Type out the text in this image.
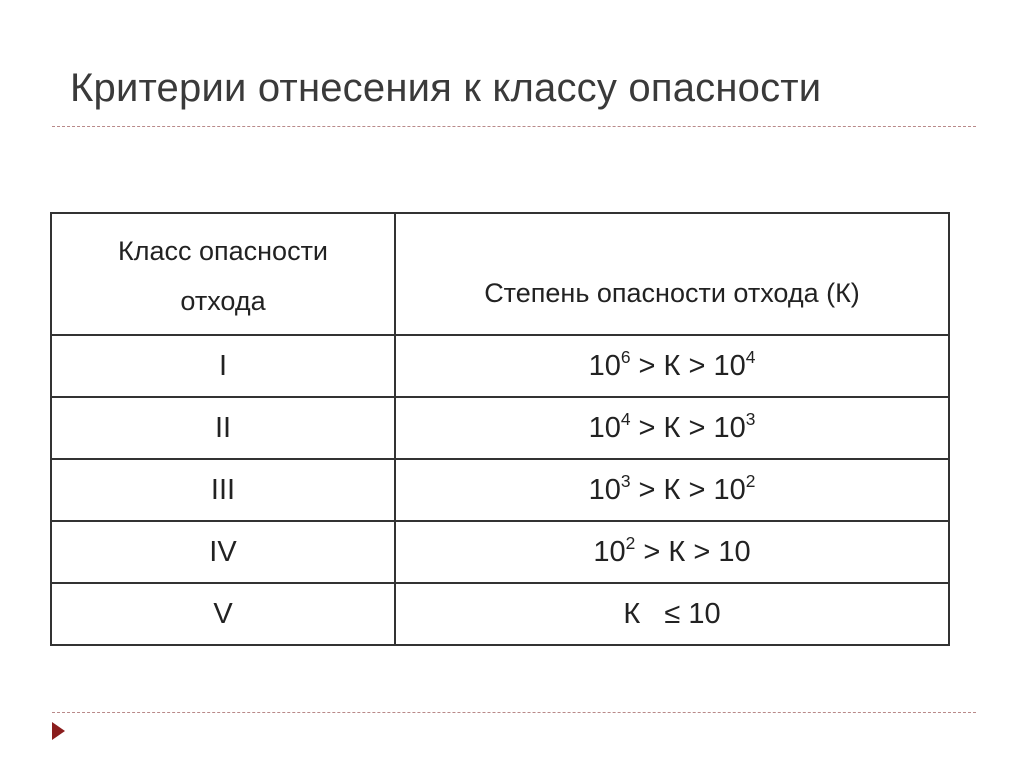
Критерии отнесения к классу опасности
Класс опасности
отхода	Степень опасности отхода (К)
I	$10^6 > К > 10^4$
II	$10^4 > К > 10^3$
III	$10^3 > К > 10^2$
IV	$10^2 > К > 10$
V	К   ≤ 10
